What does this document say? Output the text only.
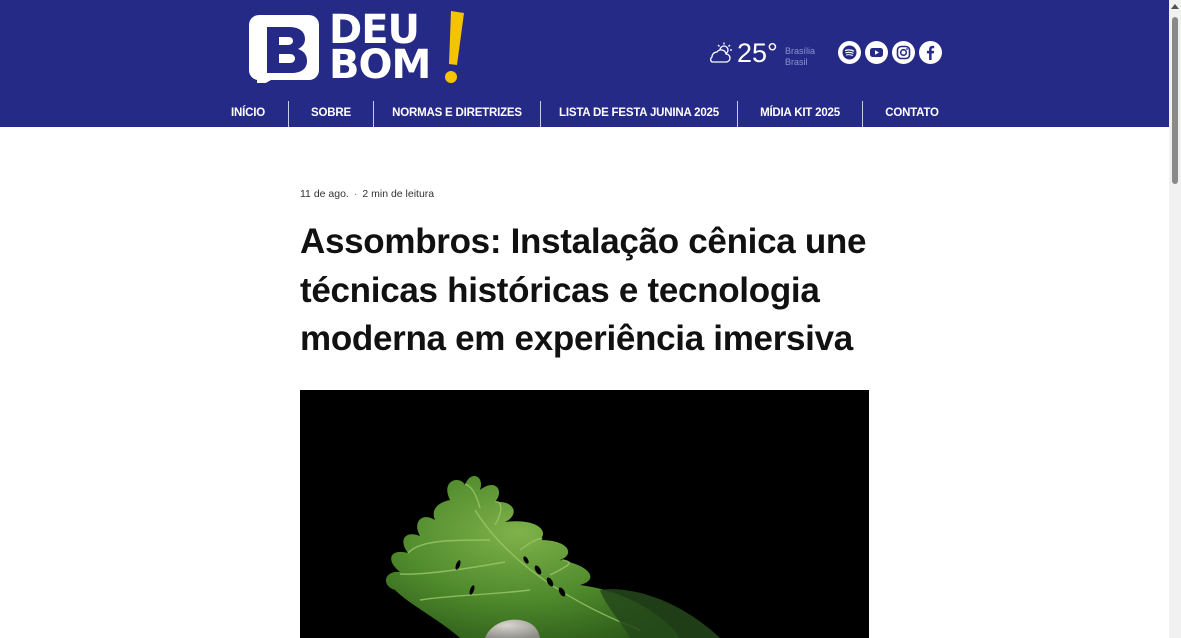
DEU
BOM	25° Brasília
Brasil
INÍCIO	SOBRE	NORMAS E DIRETRIZES	LISTA DE FESTA JUNINA 2025	MÍDIA KIT 2025	CONTATO
11 de ago. · 2 min de leitura
Assombros: Instalação cênica une técnicas históricas e tecnologia moderna em experiência imersiva
